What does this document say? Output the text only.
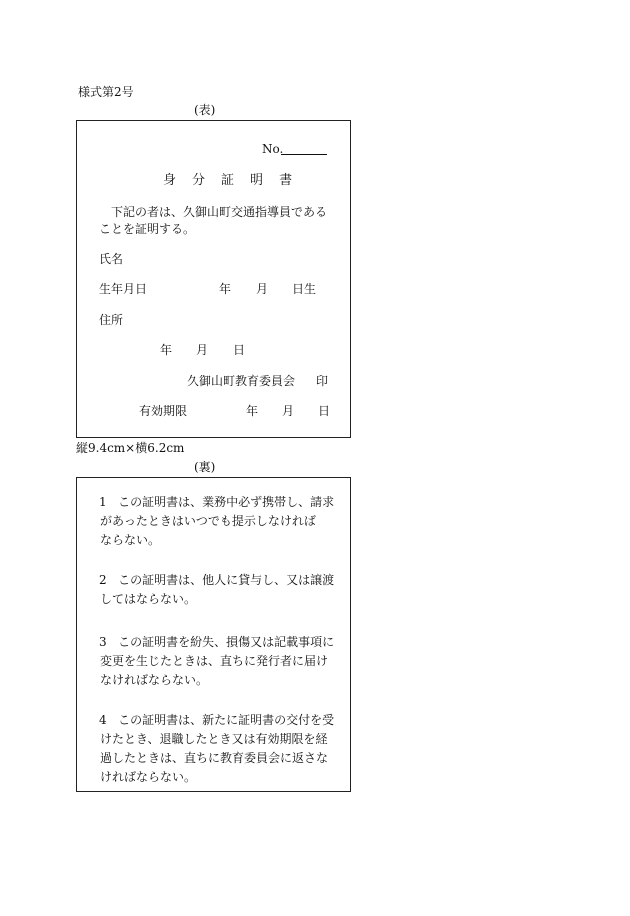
様式第2号
(表)
No.
身 分 証 明 書
下記の者は、久御山町交通指導員である
ことを証明する。
氏名
生年月日	年 月 日生
住所
年 月 日
久御山町教育委員会 印
有効期限	年 月 日
縦9.4cm×横6.2cm
(裏)
1 この証明書は、業務中必ず携帯し、請求
があったときはいつでも提示しなければ
ならない。
2 この証明書は、他人に貸与し、又は譲渡
してはならない。
3 この証明書を紛失、損傷又は記載事項に
変更を生じたときは、直ちに発行者に届け
なければならない。
4 この証明書は、新たに証明書の交付を受
けたとき、退職したとき又は有効期限を経
過したときは、直ちに教育委員会に返さな
ければならない。
